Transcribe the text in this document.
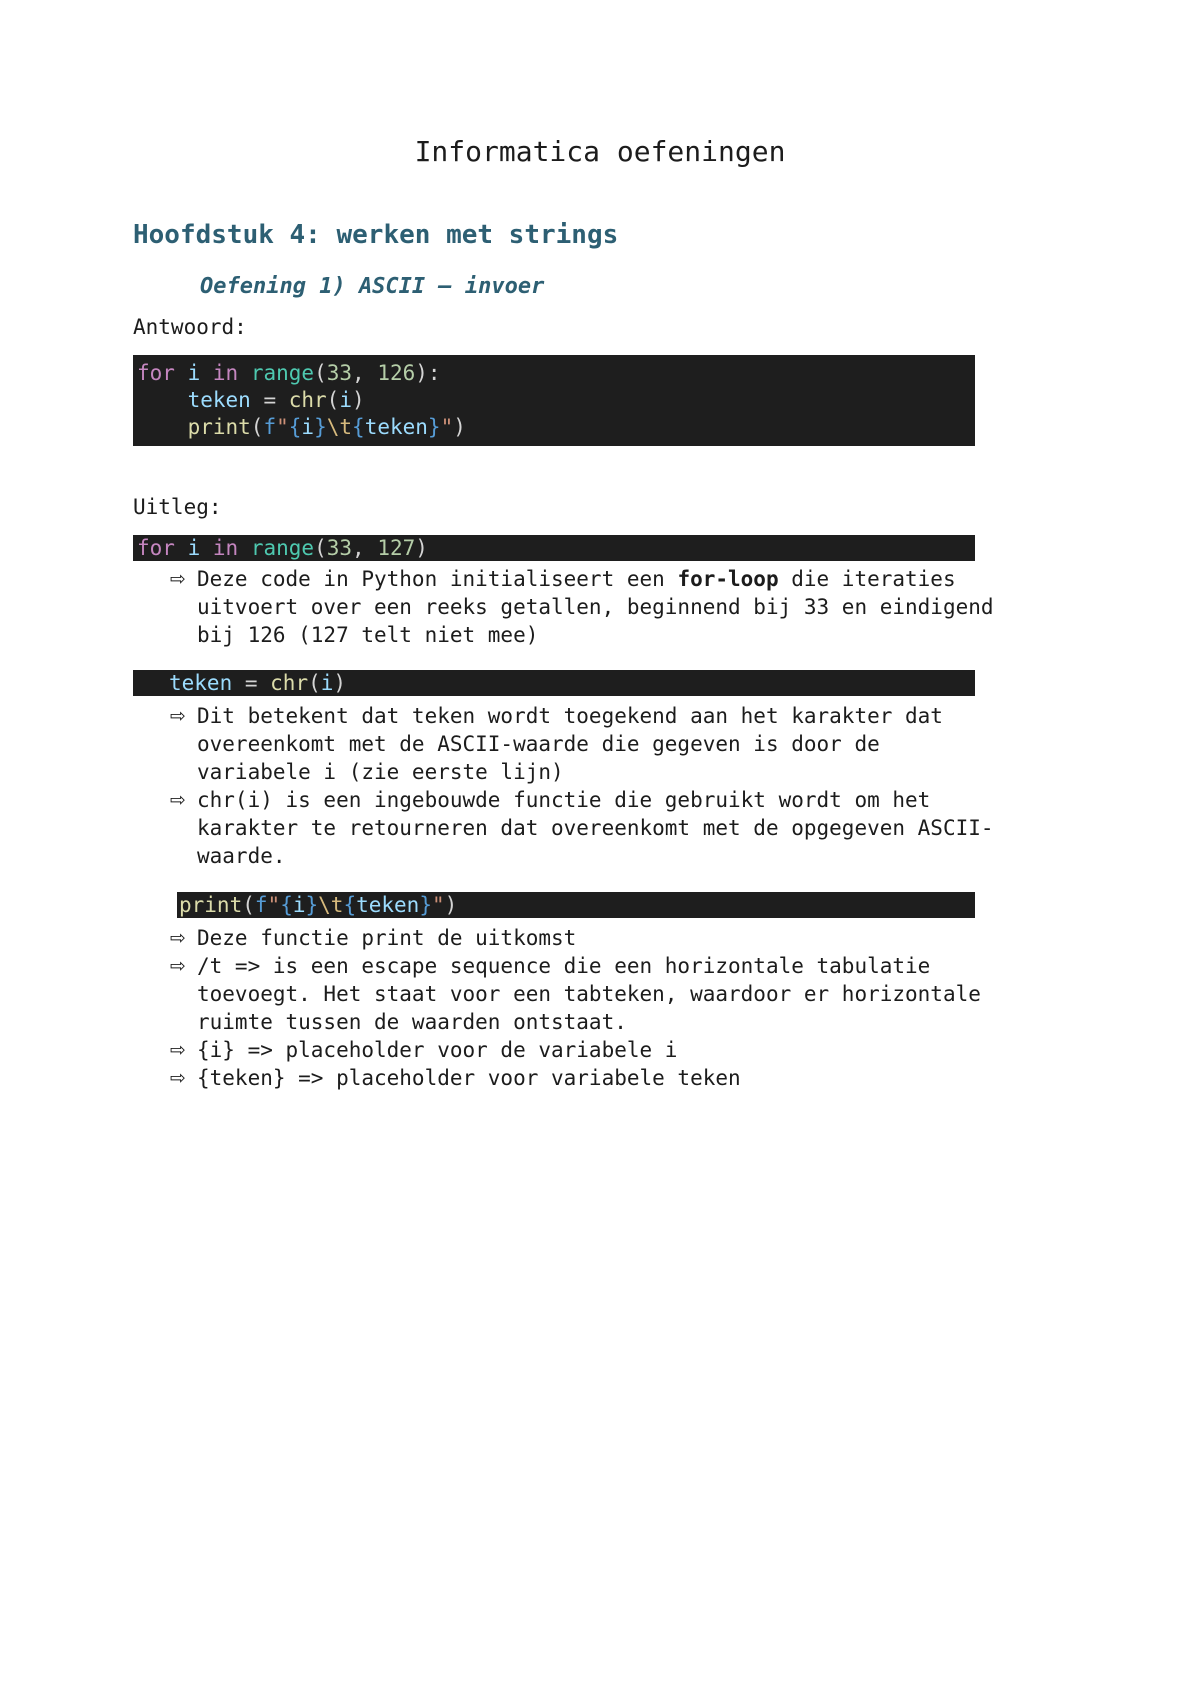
Informatica oefeningen
Hoofdstuk 4: werken met strings
Oefening 1) ASCII – invoer

Antwoord:

for i in range(33, 126):
teken = chr(i)
print(f"{i}\t{teken}")

Uitleg:

for i in range(33, 127)
⇨ Deze code in Python initialiseert een for-loop die iteraties uitvoert over een reeks getallen, beginnend bij 33 en eindigend bij 126 (127 telt niet mee)
teken = chr(i)
⇨ Dit betekent dat teken wordt toegekend aan het karakter dat overeenkomt met de ASCII-waarde die gegeven is door de variabele i (zie eerste lijn)
⇨ chr(i) is een ingebouwde functie die gebruikt wordt om het karakter te retourneren dat overeenkomt met de opgegeven ASCII-waarde.
print(f"{i}\t{teken}")
⇨ Deze functie print de uitkomst
⇨ /t => is een escape sequence die een horizontale tabulatie toevoegt. Het staat voor een tabteken, waardoor er horizontale ruimte tussen de waarden ontstaat.
⇨ {i} => placeholder voor de variabele i
⇨ {teken} => placeholder voor variabele teken
